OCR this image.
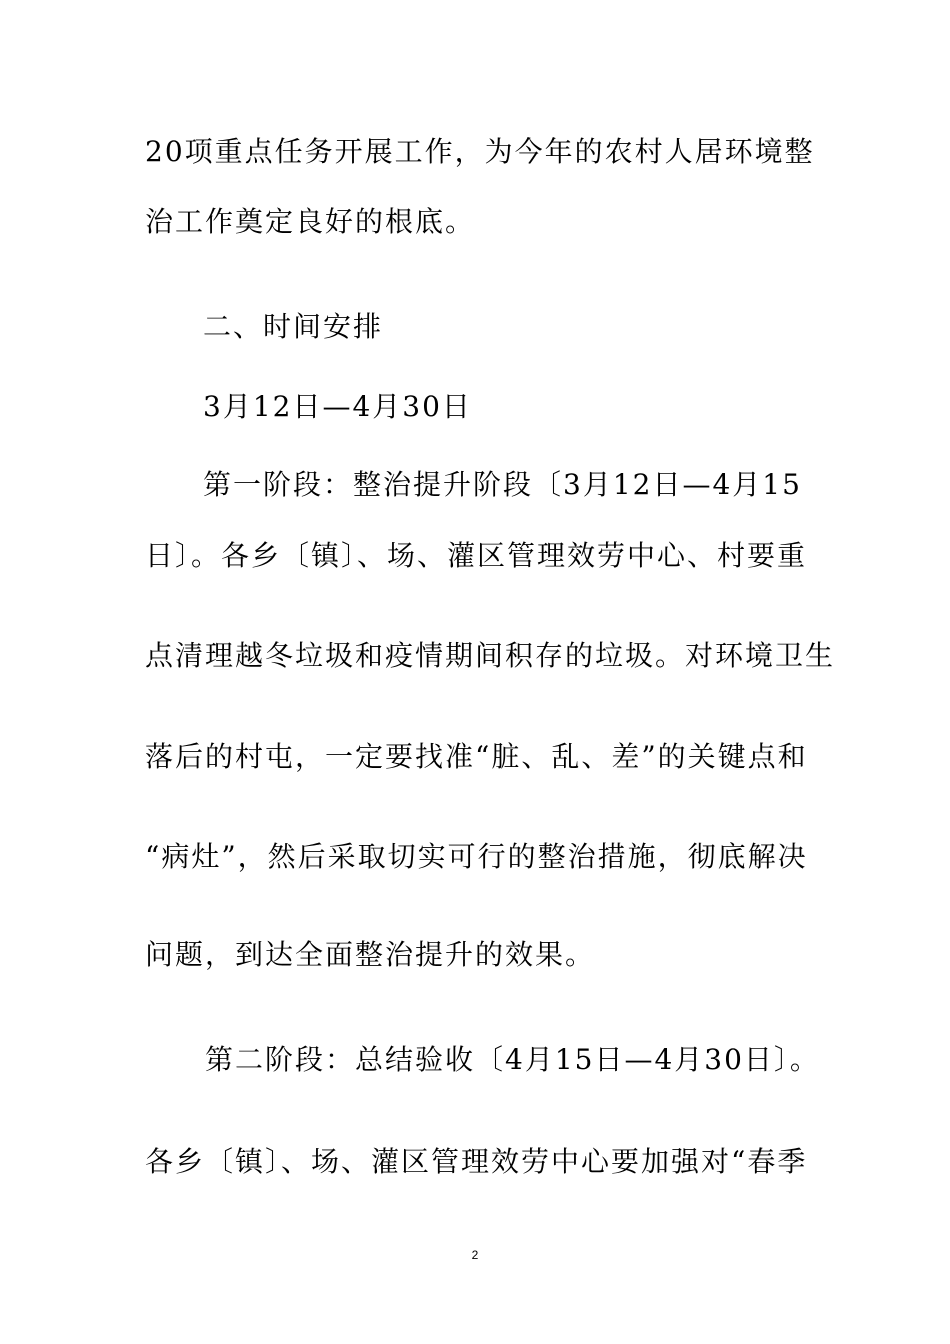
20项重点任务开展工作，为今年的农村人居环境整
治工作奠定良好的根底。
二、时间安排
3月12日—4月30日
第一阶段：整治提升阶段〔3月12日—4月15
日〕。各乡〔镇〕、场、灌区管理效劳中心、村要重
点清理越冬垃圾和疫情期间积存的垃圾。对环境卫生
落后的村屯，一定要找准“脏、乱、差”的关键点和
“病灶”，然后采取切实可行的整治措施，彻底解决
问题，到达全面整治提升的效果。
第二阶段：总结验收〔4月15日—4月30日〕。
各乡〔镇〕、场、灌区管理效劳中心要加强对“春季
2
